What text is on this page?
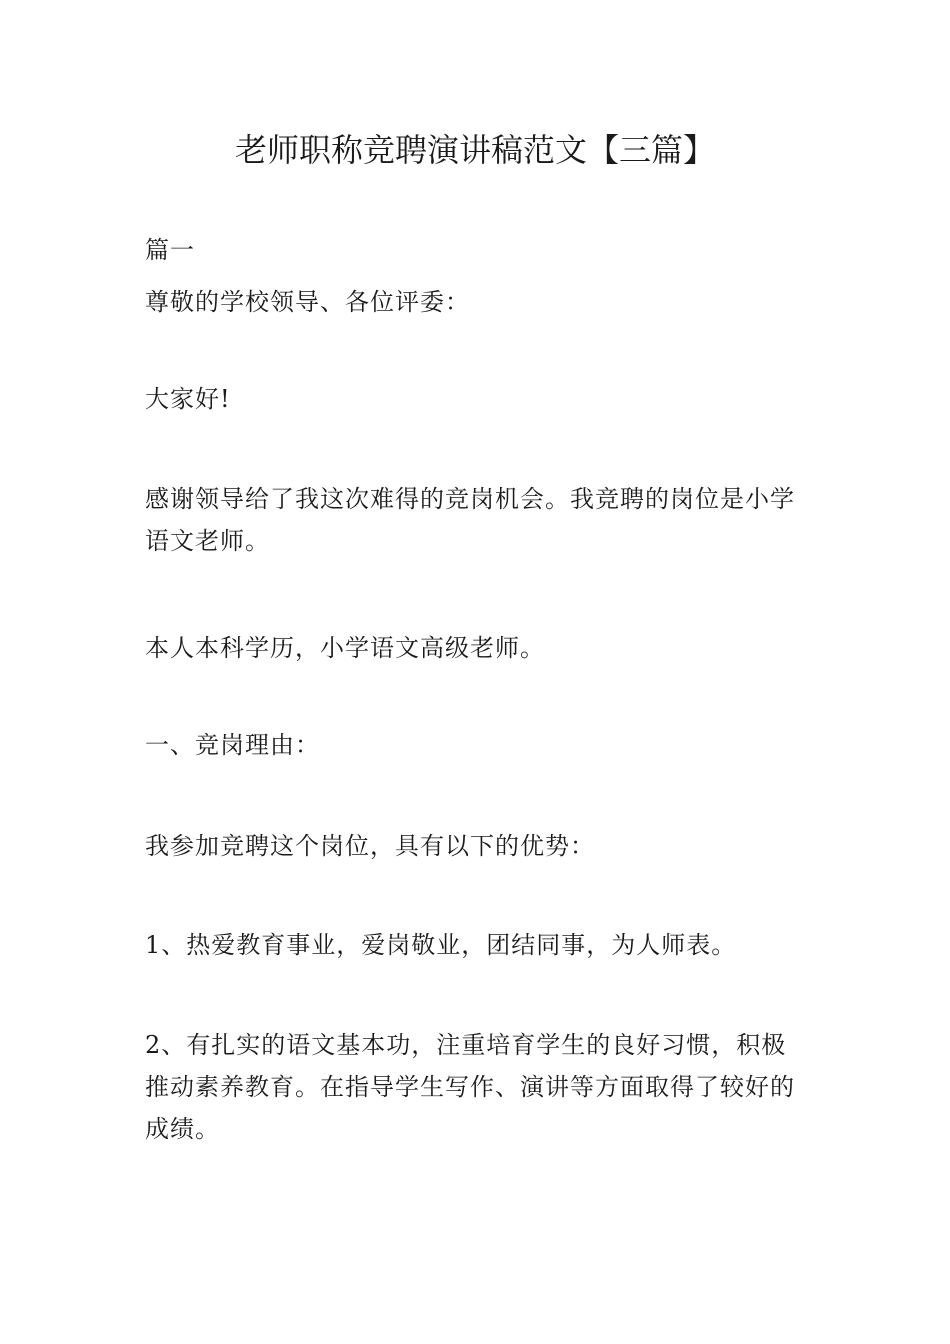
老师职称竞聘演讲稿范文【三篇】

篇一

尊敬的学校领导、各位评委：

大家好!

感谢领导给了我这次难得的竞岗机会。我竞聘的岗位是小学语文老师。

本人本科学历，小学语文高级老师。

一、竞岗理由：

我参加竞聘这个岗位，具有以下的优势：

1、热爱教育事业，爱岗敬业，团结同事，为人师表。

2、有扎实的语文基本功，注重培育学生的良好习惯，积极推动素养教育。在指导学生写作、演讲等方面取得了较好的成绩。
